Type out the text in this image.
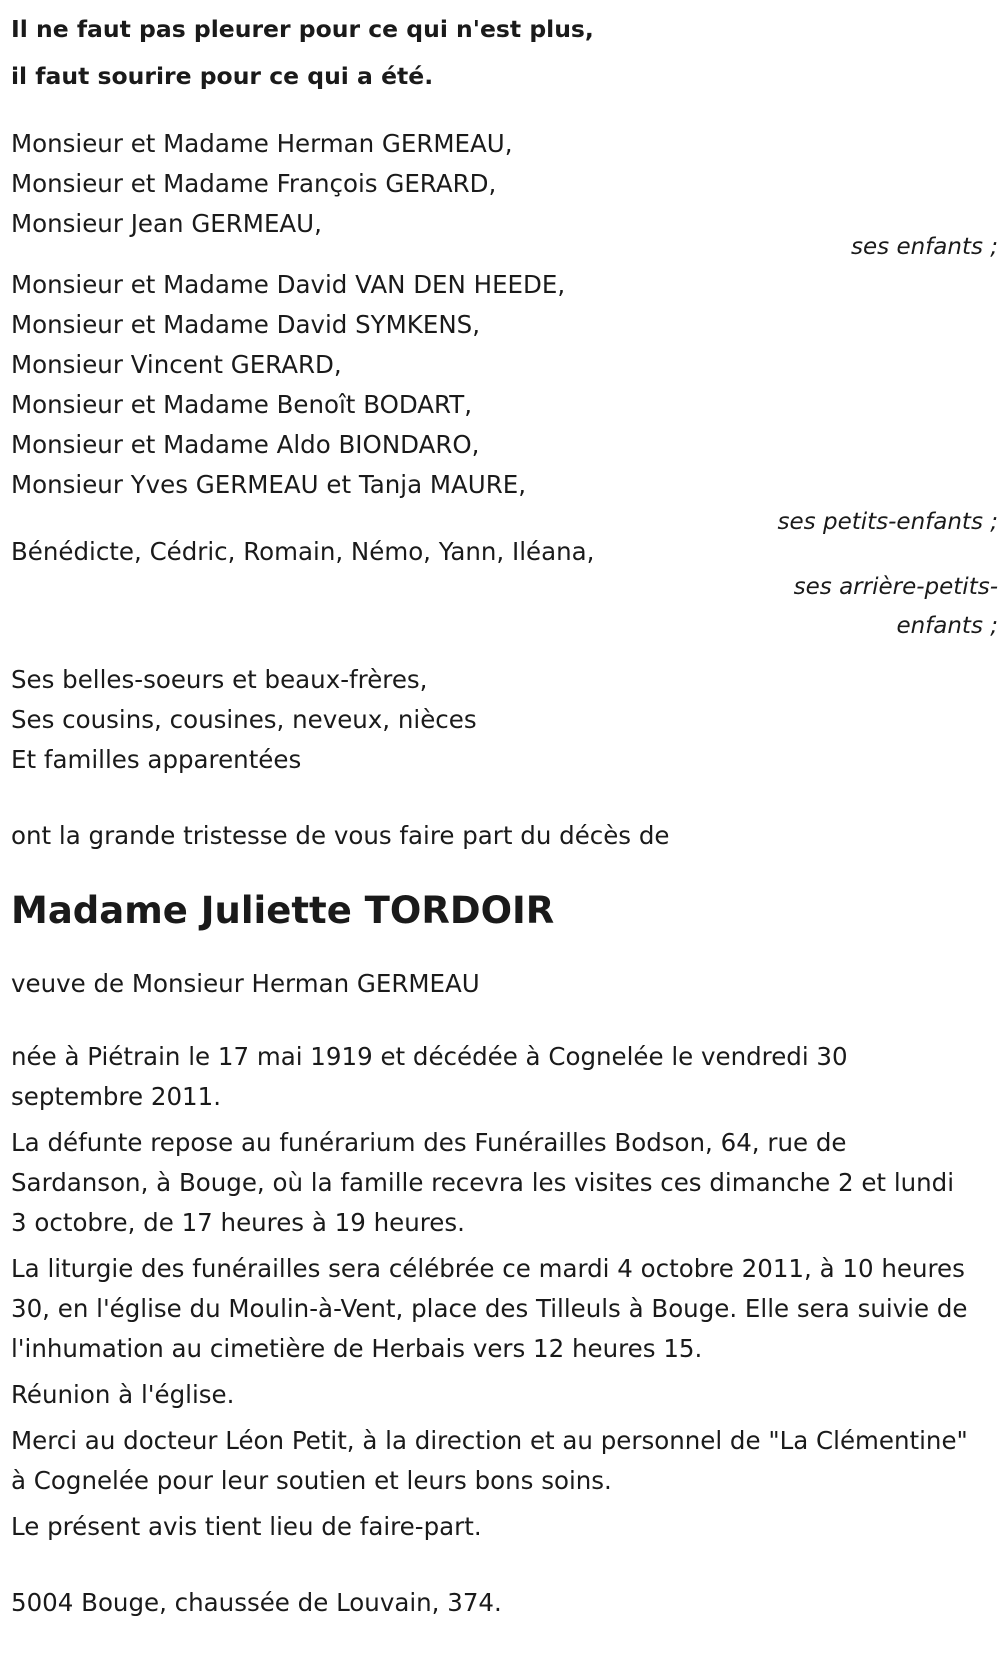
Il ne faut pas pleurer pour ce qui n'est plus,
il faut sourire pour ce qui a été.
Monsieur et Madame Herman GERMEAU,
Monsieur et Madame François GERARD,
Monsieur Jean GERMEAU,
ses enfants ;
Monsieur et Madame David VAN DEN HEEDE,
Monsieur et Madame David SYMKENS,
Monsieur Vincent GERARD,
Monsieur et Madame Benoît BODART,
Monsieur et Madame Aldo BIONDARO,
Monsieur Yves GERMEAU et Tanja MAURE,
ses petits-enfants ;
Bénédicte, Cédric, Romain, Némo, Yann, Iléana,
ses arrière-petits-
enfants ;
Ses belles-soeurs et beaux-frères,
Ses cousins, cousines, neveux, nièces
Et familles apparentées
ont la grande tristesse de vous faire part du décès de
Madame Juliette TORDOIR
veuve de Monsieur Herman GERMEAU
née à Piétrain le 17 mai 1919 et décédée à Cognelée le vendredi 30 septembre 2011.
La défunte repose au funérarium des Funérailles Bodson, 64, rue de Sardanson, à Bouge, où la famille recevra les visites ces dimanche 2 et lundi 3 octobre, de 17 heures à 19 heures.
La liturgie des funérailles sera célébrée ce mardi 4 octobre 2011, à 10 heures 30, en l'église du Moulin-à-Vent, place des Tilleuls à Bouge. Elle sera suivie de l'inhumation au cimetière de Herbais vers 12 heures 15.
Réunion à l'église.
Merci au docteur Léon Petit, à la direction et au personnel de "La Clémentine" à Cognelée pour leur soutien et leurs bons soins.
Le présent avis tient lieu de faire-part.
5004 Bouge, chaussée de Louvain, 374.
